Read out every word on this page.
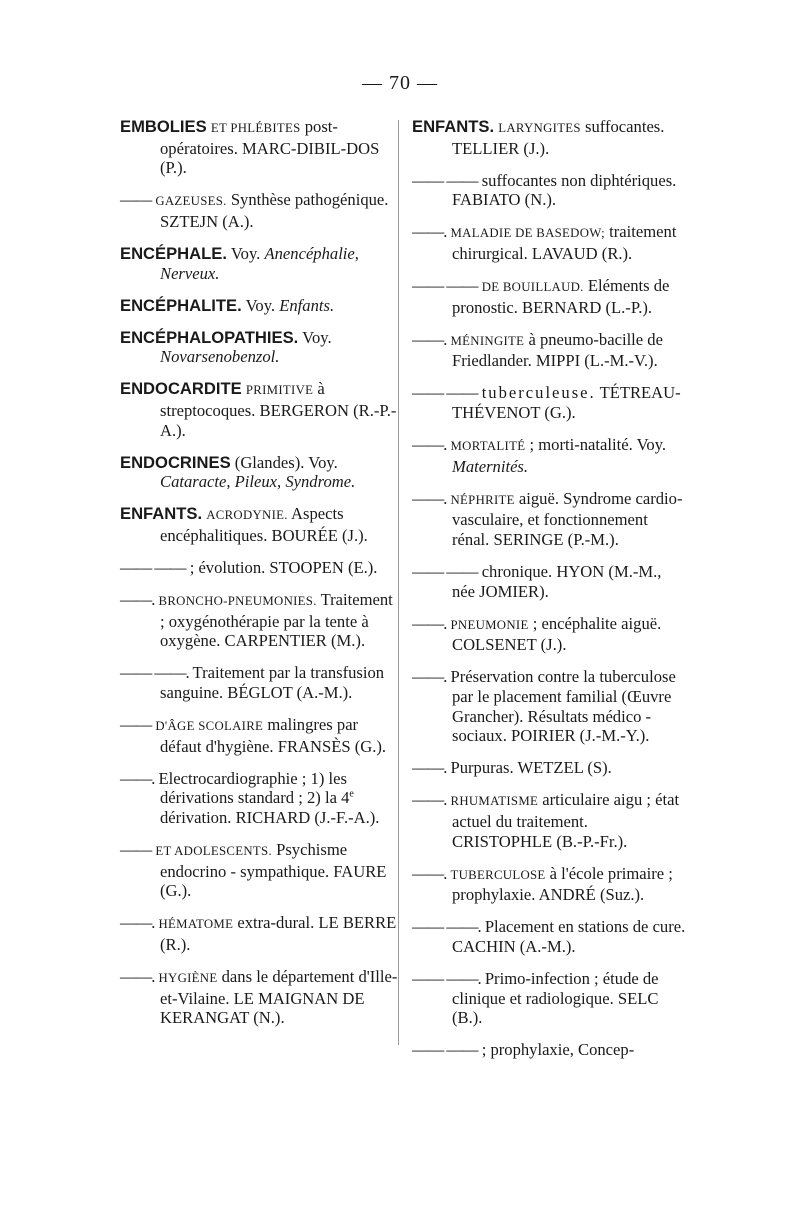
— 70 —

EMBOLIES ET PHLÉBITES post-opératoires. MARC-DIBIL-DOS (P.).

—— GAZEUSES. Synthèse pathogénique. SZTEJN (A.).

ENCÉPHALE. Voy. Anencéphalie, Nerveux.

ENCÉPHALITE. Voy. Enfants.

ENCÉPHALOPATHIES. Voy. Novarsenobenzol.

ENDOCARDITE PRIMITIVE à streptocoques. BERGERON (R.-P.-A.).

ENDOCRINES (Glandes). Voy. Cataracte, Pileux, Syndrome.

ENFANTS. ACRODYNIE. Aspects encéphalitiques. BOURÉE (J.).

—— —— ; évolution. STOOPEN (E.).

——. BRONCHO-PNEUMONIES. Traitement ; oxygénothérapie par la tente à oxygène. CARPENTIER (M.).

—— ——. Traitement par la transfusion sanguine. BÉGLOT (A.-M.).

—— D'ÂGE SCOLAIRE malingres par défaut d'hygiène. FRANSÈS (G.).

——. Electrocardiographie ; 1) les dérivations standard ; 2) la 4e dérivation. RICHARD (J.-F.-A.).

—— ET ADOLESCENTS. Psychisme endocrino - sympathique. FAURE (G.).

——. HÉMATOME extra-dural. LE BERRE (R.).

——. HYGIÈNE dans le département d'Ille-et-Vilaine. LE MAIGNAN DE KERANGAT (N.).

ENFANTS. LARYNGITES suffocantes. TELLIER (J.).

—— —— suffocantes non diphtériques. FABIATO (N.).

——. MALADIE DE BASEDOW; traitement chirurgical. LAVAUD (R.).

—— —— DE BOUILLAUD. Eléments de pronostic. BERNARD (L.-P.).

——. MÉNINGITE à pneumo-bacille de Friedlander. MIPPI (L.-M.-V.).

—— —— tuberculeuse. TÉTREAU-THÉVENOT (G.).

——. MORTALITÉ ; morti-natalité. Voy. Maternités.

——. NÉPHRITE aiguë. Syndrome cardio-vasculaire, et fonctionnement rénal. SERINGE (P.-M.).

—— —— chronique. HYON (M.-M., née JOMIER).

——. PNEUMONIE ; encéphalite aiguë. COLSENET (J.).

——. Préservation contre la tuberculose par le placement familial (Œuvre Grancher). Résultats médico - sociaux. POIRIER (J.-M.-Y.).

——. Purpuras. WETZEL (S).

——. RHUMATISME articulaire aigu ; état actuel du traitement. CRISTOPHLE (B.-P.-Fr.).

——. TUBERCULOSE à l'école primaire ; prophylaxie. ANDRÉ (Suz.).

—— ——. Placement en stations de cure. CACHIN (A.-M.).

—— ——. Primo-infection ; étude de clinique et radiologique. SELC (B.).

—— —— ; prophylaxie, Concep-
